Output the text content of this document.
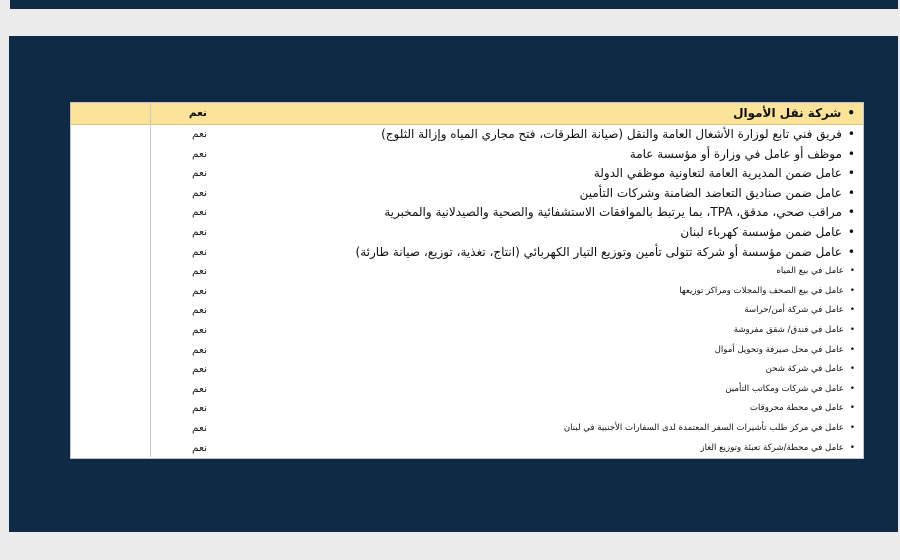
نعم	•شركة نقل الأموال
نعم	•فريق فني تابع لوزارة الأشغال العامة والنقل (صيانة الطرقات، فتح مجاري المياه وإزالة الثلوج)
نعم	•موظف أو عامل في وزارة أو مؤسسة عامة
نعم	•عامل ضمن المديرية العامة لتعاونية موظفي الدولة
نعم	•عامل ضمن صناديق التعاضد الضامنة وشركات التأمين
نعم	•مراقب صحي، مدقق، TPA، بما يرتبط بالموافقات الاستشفائية والصحية والصيدلانية والمخبرية
نعم	•عامل ضمن مؤسسة كهرباء لبنان
نعم	•عامل ضمن مؤسسة أو شركة تتولى تأمين وتوزيع التيار الكهربائي (انتاج، تغذية، توزيع، صيانة طارئة)
نعم	•عامل في بيع المياه
نعم	•عامل في بيع الصحف والمجلات ومراكز توزيعها
نعم	•عامل في شركة أمن/حراسة
نعم	•عامل في فندق/ شقق مفروشة
نعم	•عامل في محل صيرفة وتحويل أموال
نعم	•عامل في شركة شحن
نعم	•عامل في شركات ومكاتب التأمين
نعم	•عامل في محطة محروقات
نعم	•عامل في مركز طلب تأشيرات السفر المعتمدة لدى السفارات الأجنبية في لبنان
نعم	•عامل في محطة/شركة تعبئة وتوزيع الغاز
